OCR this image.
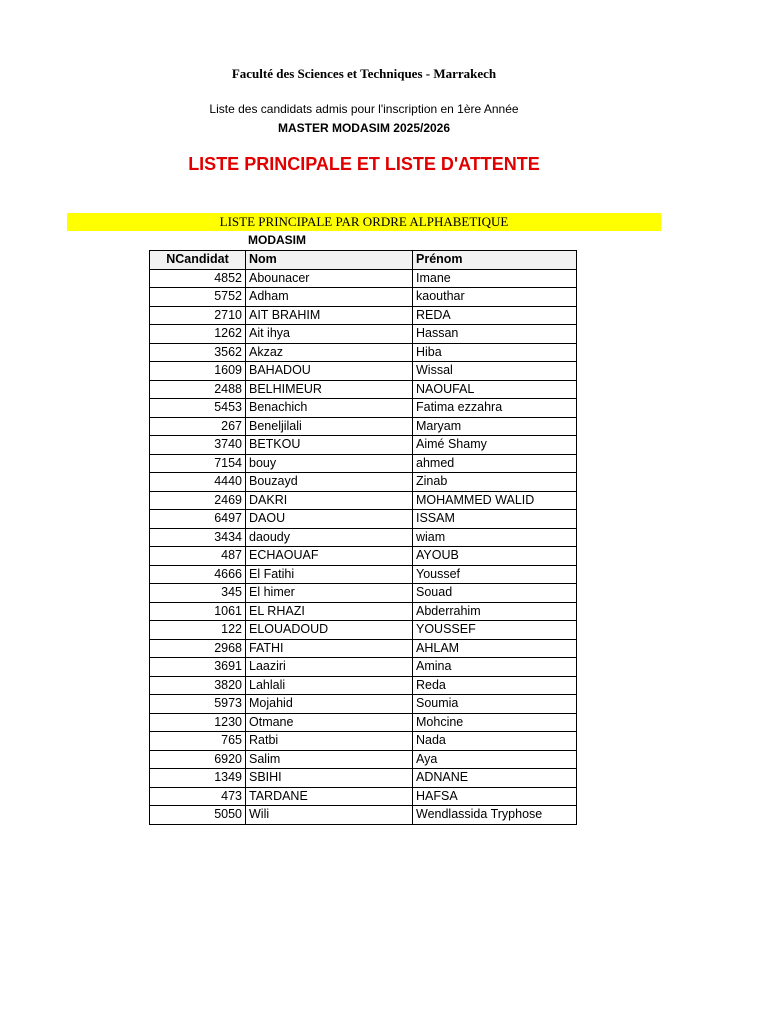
Faculté des Sciences et Techniques - Marrakech
Liste des candidats admis pour l'inscription en 1ère Année
MASTER MODASIM 2025/2026
LISTE PRINCIPALE ET LISTE D'ATTENTE
LISTE PRINCIPALE PAR ORDRE ALPHABETIQUE
MODASIM
NCandidat	Nom	Prénom
4852	Abounacer	Imane
5752	Adham	kaouthar
2710	AIT BRAHIM	REDA
1262	Ait ihya	Hassan
3562	Akzaz	Hiba
1609	BAHADOU	Wissal
2488	BELHIMEUR	NAOUFAL
5453	Benachich	Fatima ezzahra
267	Beneljilali	Maryam
3740	BETKOU	Aimé Shamy
7154	bouy	ahmed
4440	Bouzayd	Zinab
2469	DAKRI	MOHAMMED WALID
6497	DAOU	ISSAM
3434	daoudy	wiam
487	ECHAOUAF	AYOUB
4666	El Fatihi	Youssef
345	El himer	Souad
1061	EL RHAZI	Abderrahim
122	ELOUADOUD	YOUSSEF
2968	FATHI	AHLAM
3691	Laaziri	Amina
3820	Lahlali	Reda
5973	Mojahid	Soumia
1230	Otmane	Mohcine
765	Ratbi	Nada
6920	Salim	Aya
1349	SBIHI	ADNANE
473	TARDANE	HAFSA
5050	Wili	Wendlassida Tryphose
